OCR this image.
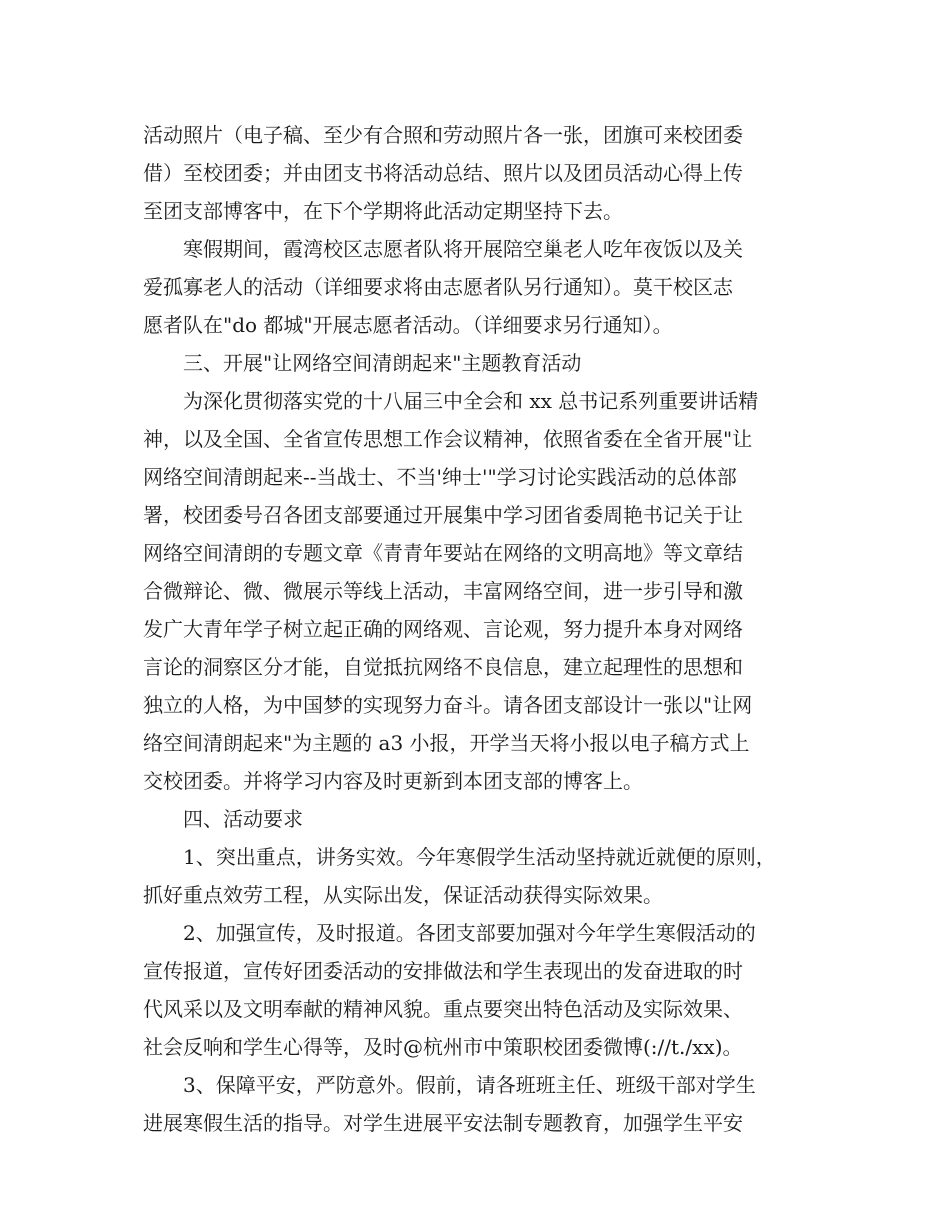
活动照片（电子稿、至少有合照和劳动照片各一张，团旗可来校团委
借）至校团委；并由团支书将活动总结、照片以及团员活动心得上传
至团支部博客中，在下个学期将此活动定期坚持下去。
寒假期间，霞湾校区志愿者队将开展陪空巢老人吃年夜饭以及关
爱孤寡老人的活动（详细要求将由志愿者队另行通知）。莫干校区志
愿者队在"do 都城"开展志愿者活动。（详细要求另行通知）。
三、开展"让网络空间清朗起来"主题教育活动
为深化贯彻落实党的十八届三中全会和 xx 总书记系列重要讲话精
神，以及全国、全省宣传思想工作会议精神，依照省委在全省开展"让
网络空间清朗起来--当战士、不当'绅士'"学习讨论实践活动的总体部
署，校团委号召各团支部要通过开展集中学习团省委周艳书记关于让
网络空间清朗的专题文章《青青年要站在网络的文明高地》等文章结
合微辩论、微、微展示等线上活动，丰富网络空间，进一步引导和激
发广大青年学子树立起正确的网络观、言论观，努力提升本身对网络
言论的洞察区分才能，自觉抵抗网络不良信息，建立起理性的思想和
独立的人格，为中国梦的实现努力奋斗。请各团支部设计一张以"让网
络空间清朗起来"为主题的 a3 小报，开学当天将小报以电子稿方式上
交校团委。并将学习内容及时更新到本团支部的博客上。
四、活动要求
1、突出重点，讲务实效。今年寒假学生活动坚持就近就便的原则，
抓好重点效劳工程，从实际出发，保证活动获得实际效果。
2、加强宣传，及时报道。各团支部要加强对今年学生寒假活动的
宣传报道，宣传好团委活动的安排做法和学生表现出的发奋进取的时
代风采以及文明奉献的精神风貌。重点要突出特色活动及实际效果、
社会反响和学生心得等，及时@杭州市中策职校团委微博(://t./xx)。
3、保障平安，严防意外。假前，请各班班主任、班级干部对学生
进展寒假生活的指导。对学生进展平安法制专题教育，加强学生平安
